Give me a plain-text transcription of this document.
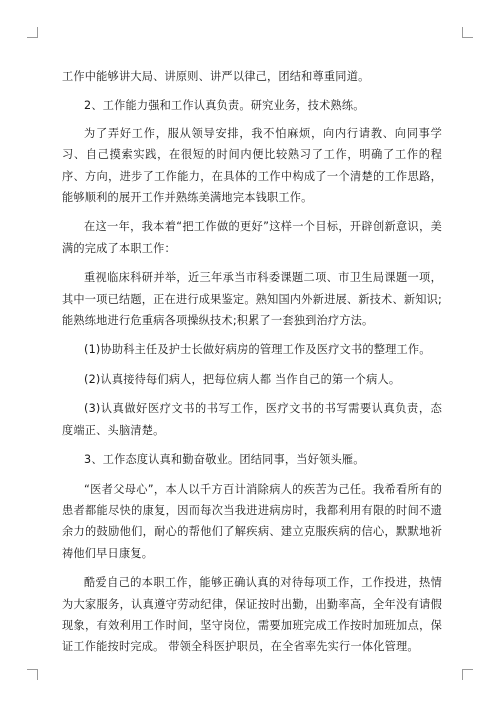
工作中能够讲大局、讲原则、讲严以律己，团结和尊重同道。

2、工作能力强和工作认真负责。研究业务，技术熟练。

为了弄好工作，服从领导安排，我不怕麻烦，向内行请教、向同事学习、自己摸索实践，在很短的时间内便比较熟习了工作，明确了工作的程序、方向，进步了工作能力，在具体的工作中构成了一个清楚的工作思路，能够顺利的展开工作并熟练美满地完本钱职工作。

在这一年，我本着“把工作做的更好”这样一个目标，开辟创新意识，美满的完成了本职工作：

重视临床科研并举，近三年承当市科委课题二项、市卫生局课题一项，其中一项已结题，正在进行成果鉴定。熟知国内外新进展、新技术、新知识;能熟练地进行危重病各项操纵技术;积累了一套独到治疗方法。

(1)协助科主任及护士长做好病房的管理工作及医疗文书的整理工作。

(2)认真接待每们病人，把每位病人都 当作自己的第一个病人。

(3)认真做好医疗文书的书写工作，医疗文书的书写需要认真负责，态度端正、头脑清楚。

3、工作态度认真和勤奋敬业。团结同事，当好领头雁。

“医者父母心”，本人以千方百计消除病人的疾苦为己任。我希看所有的患者都能尽快的康复，因而每次当我进进病房时，我都利用有限的时间不遗余力的鼓励他们，耐心的帮他们了解疾病、建立克服疾病的信心，默默地祈祷他们早日康复。

酷爱自己的本职工作，能够正确认真的对待每项工作，工作投进，热情为大家服务，认真遵守劳动纪律，保证按时出勤，出勤率高，全年没有请假现象，有效利用工作时间，坚守岗位，需要加班完成工作按时加班加点，保证工作能按时完成。 带领全科医护职员，在全省率先实行一体化管理。
